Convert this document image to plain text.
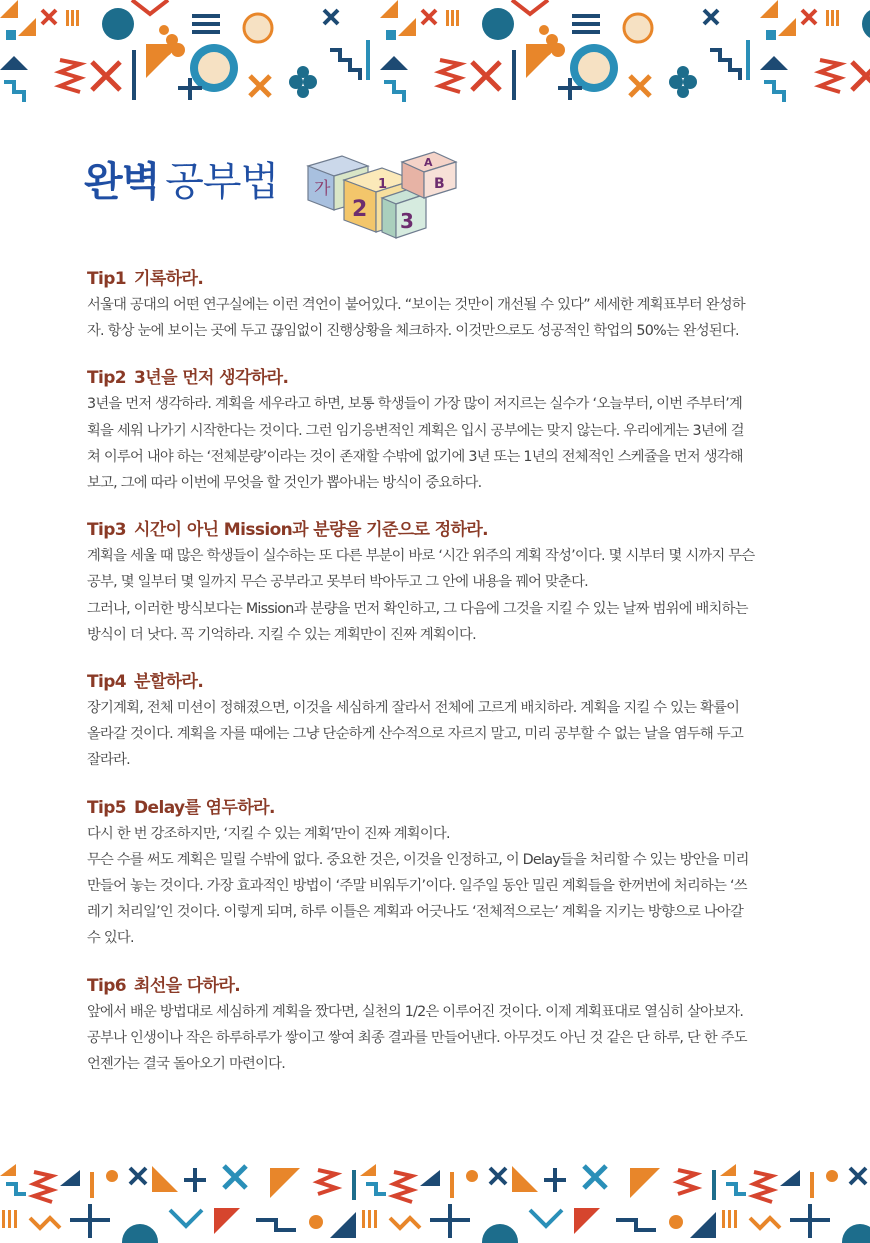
완벽 공부법 가
2
1
3
A
B
Tip1 기록하라.

서울대 공대의 어떤 연구실에는 이런 격언이 붙어있다. “보이는 것만이 개선될 수 있다” 세세한 계획표부터 완성하자. 항상 눈에 보이는 곳에 두고 끊임없이 진행상황을 체크하자. 이것만으로도 성공적인 학업의 50%는 완성된다.

Tip2 3년을 먼저 생각하라.

3년을 먼저 생각하라. 계획을 세우라고 하면, 보통 학생들이 가장 많이 저지르는 실수가 ‘오늘부터, 이번 주부터’계획을 세워 나가기 시작한다는 것이다. 그런 임기응변적인 계획은 입시 공부에는 맞지 않는다. 우리에게는 3년에 걸쳐 이루어 내야 하는 ‘전체분량’이라는 것이 존재할 수밖에 없기에 3년 또는 1년의 전체적인 스케쥴을 먼저 생각해보고, 그에 따라 이번에 무엇을 할 것인가 뽑아내는 방식이 중요하다.

Tip3 시간이 아닌 Mission과 분량을 기준으로 정하라.

계획을 세울 때 많은 학생들이 실수하는 또 다른 부분이 바로 ‘시간 위주의 계획 작성’이다. 몇 시부터 몇 시까지 무슨 공부, 몇 일부터 몇 일까지 무슨 공부라고 못부터 박아두고 그 안에 내용을 꿰어 맞춘다.

그러나, 이러한 방식보다는 Mission과 분량을 먼저 확인하고, 그 다음에 그것을 지킬 수 있는 날짜 범위에 배치하는 방식이 더 낫다. 꼭 기억하라. 지킬 수 있는 계획만이 진짜 계획이다.

Tip4 분할하라.

장기계획, 전체 미션이 정해졌으면, 이것을 세심하게 잘라서 전체에 고르게 배치하라. 계획을 지킬 수 있는 확률이 올라갈 것이다. 계획을 자를 때에는 그냥 단순하게 산수적으로 자르지 말고, 미리 공부할 수 없는 날을 염두해 두고 잘라라.

Tip5 Delay를 염두하라.

다시 한 번 강조하지만, ‘지킬 수 있는 계획’만이 진짜 계획이다.

무슨 수를 써도 계획은 밀릴 수밖에 없다. 중요한 것은, 이것을 인정하고, 이 Delay들을 처리할 수 있는 방안을 미리 만들어 놓는 것이다. 가장 효과적인 방법이 ‘주말 비워두기’이다. 일주일 동안 밀린 계획들을 한꺼번에 처리하는 ‘쓰레기 처리일’인 것이다. 이렇게 되며, 하루 이틀은 계획과 어긋나도 ‘전체적으로는’ 계획을 지키는 방향으로 나아갈 수 있다.

Tip6 최선을 다하라.

앞에서 배운 방법대로 세심하게 계획을 짰다면, 실천의 1/2은 이루어진 것이다. 이제 계획표대로 열심히 살아보자. 공부나 인생이나 작은 하루하루가 쌓이고 쌓여 최종 결과를 만들어낸다. 아무것도 아닌 것 같은 단 하루, 단 한 주도 언젠가는 결국 돌아오기 마련이다.
